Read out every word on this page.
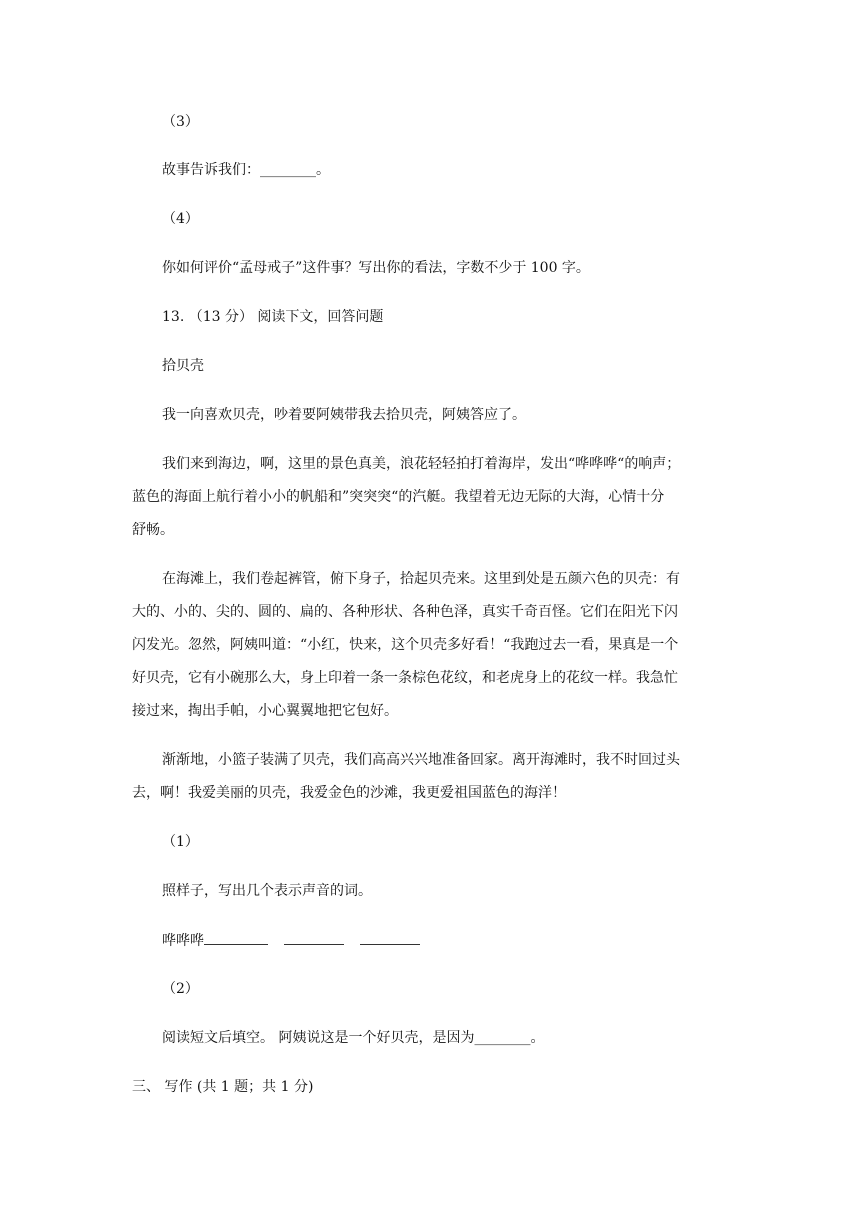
（3）
故事告诉我们：________。
（4）
你如何评价“孟母戒子”这件事？写出你的看法，字数不少于 100 字。
13. （13 分） 阅读下文，回答问题
拾贝壳
我一向喜欢贝壳，吵着要阿姨带我去拾贝壳，阿姨答应了。
我们来到海边，啊，这里的景色真美，浪花轻轻拍打着海岸，发出“哗哗哗“的响声；
蓝色的海面上航行着小小的帆船和”突突突“的汽艇。我望着无边无际的大海，心情十分
舒畅。
在海滩上，我们卷起裤管，俯下身子，拾起贝壳来。这里到处是五颜六色的贝壳：有
大的、小的、尖的、圆的、扁的、各种形状、各种色泽，真实千奇百怪。它们在阳光下闪
闪发光。忽然，阿姨叫道：“小红，快来，这个贝壳多好看！“我跑过去一看，果真是一个
好贝壳，它有小碗那么大，身上印着一条一条棕色花纹，和老虎身上的花纹一样。我急忙
接过来，掏出手帕，小心翼翼地把它包好。
渐渐地，小篮子装满了贝壳，我们高高兴兴地准备回家。离开海滩时，我不时回过头
去，啊！我爱美丽的贝壳，我爱金色的沙滩，我更爱祖国蓝色的海洋！
（1）
照样子，写出几个表示声音的词。
哗哗哗
（2）
阅读短文后填空。 阿姨说这是一个好贝壳，是因为________。
三、 写作 (共 1 题；共 1 分)
